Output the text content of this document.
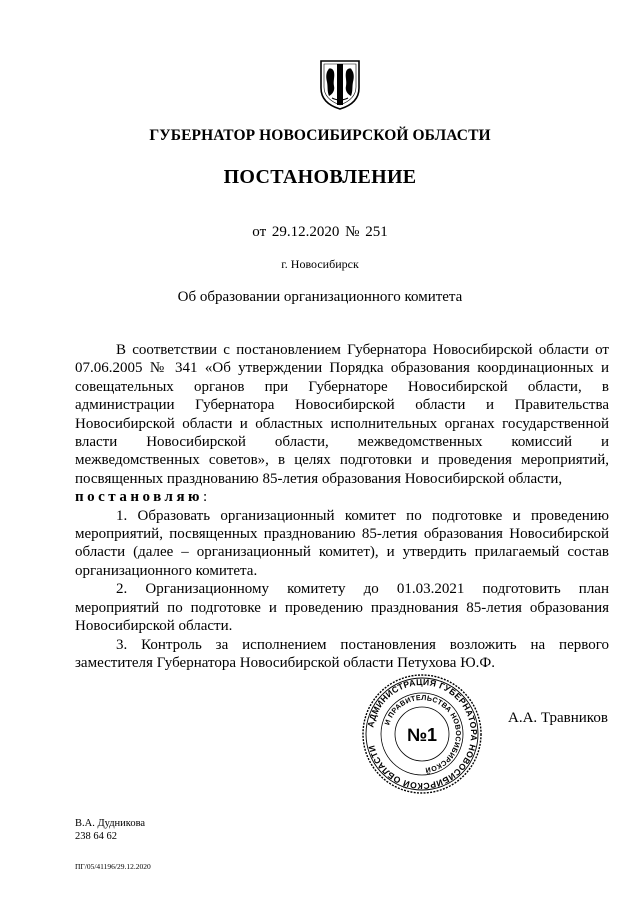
ГУБЕРНАТОР НОВОСИБИРСКОЙ ОБЛАСТИ
ПОСТАНОВЛЕНИЕ
от 29.12.2020 № 251
г. Новосибирск
Об образовании организационного комитета

В соответствии с постановлением Губернатора Новосибирской области от 07.06.2005 № 341 «Об утверждении Порядка образования координационных и совещательных органов при Губернаторе Новосибирской области, в администрации Губернатора Новосибирской области и Правительства Новосибирской области и областных исполнительных органах государственной власти Новосибирской области, межведомственных комиссий и межведомственных советов», в целях подготовки и проведения мероприятий, посвященных празднованию 85-летия образования Новосибирской области,

постановляю:

1. Образовать организационный комитет по подготовке и проведению мероприятий, посвященных празднованию 85-летия образования Новосибирской области (далее – организационный комитет), и утвердить прилагаемый состав организационного комитета.

2. Организационному комитету до 01.03.2021 подготовить план мероприятий по подготовке и проведению празднования 85-летия образования Новосибирской области.

3. Контроль за исполнением постановления возложить на первого заместителя Губернатора Новосибирской области Петухова Ю.Ф.

АДМИНИСТРАЦИЯ ГУБЕРНАТОРА НОВОСИБИРСКОЙ ОБЛАСТИ
И ПРАВИТЕЛЬСТВА НОВОСИБИРСКОЙ
№1
А.А. Травников
В.А. Дудникова
238 64 62
ПГ/05/41196/29.12.2020
